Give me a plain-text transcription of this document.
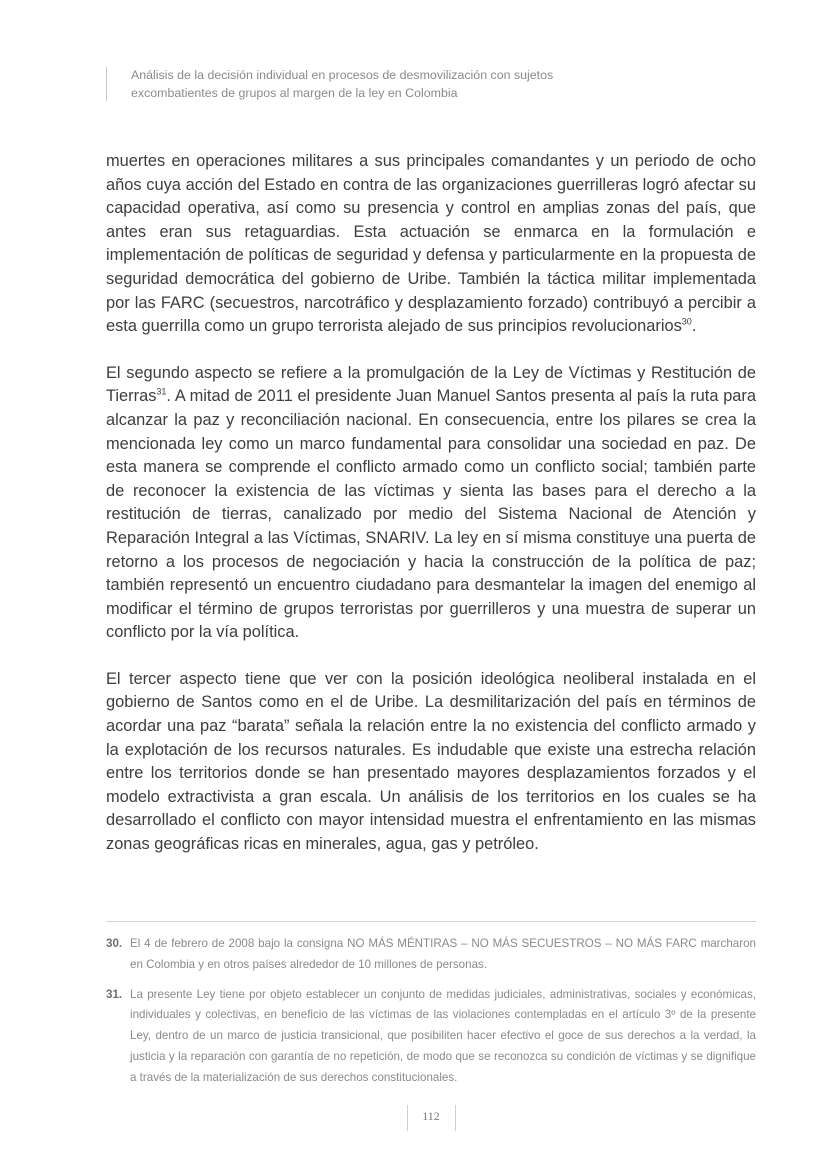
Análisis de la decisión individual en procesos de desmovilización con sujetos
excombatientes de grupos al margen de la ley en Colombia

muertes en operaciones militares a sus principales comandantes y un periodo de ocho años cuya acción del Estado en contra de las organizaciones guerrilleras logró afectar su capacidad operativa, así como su presencia y control en amplias zonas del país, que antes eran sus retaguardias. Esta actuación se enmarca en la formulación e implementación de políticas de seguridad y defensa y particularmente en la propuesta de seguridad democrática del gobierno de Uribe. También la táctica militar implementada por las FARC (secuestros, narcotráfico y desplazamiento forzado) contribuyó a percibir a esta guerrilla como un grupo terrorista alejado de sus principios revolucionarios$^{30}$.

El segundo aspecto se refiere a la promulgación de la Ley de Víctimas y Restitución de Tierras$^{31}$. A mitad de 2011 el presidente Juan Manuel Santos presenta al país la ruta para alcanzar la paz y reconciliación nacional. En consecuencia, entre los pilares se crea la mencionada ley como un marco fundamental para consolidar una sociedad en paz. De esta manera se comprende el conflicto armado como un conflicto social; también parte de reconocer la existencia de las víctimas y sienta las bases para el derecho a la restitución de tierras, canalizado por medio del Sistema Nacional de Atención y Reparación Integral a las Víctimas, SNARIV. La ley en sí misma constituye una puerta de retorno a los procesos de negociación y hacia la construcción de la política de paz; también representó un encuentro ciudadano para desmantelar la imagen del enemigo al modificar el término de grupos terroristas por guerrilleros y una muestra de superar un conflicto por la vía política.

El tercer aspecto tiene que ver con la posición ideológica neoliberal instalada en el gobierno de Santos como en el de Uribe. La desmilitarización del país en términos de acordar una paz “barata” señala la relación entre la no existencia del conflicto armado y la explotación de los recursos naturales. Es indudable que existe una estrecha relación entre los territorios donde se han presentado mayores desplazamientos forzados y el modelo extractivista a gran escala. Un análisis de los territorios en los cuales se ha desarrollado el conflicto con mayor intensidad muestra el enfrentamiento en las mismas zonas geográficas ricas en minerales, agua, gas y petróleo.

30. El 4 de febrero de 2008 bajo la consigna NO MÁS MÉNTIRAS – NO MÁS SECUESTROS – NO MÁS FARC marcharon en Colombia y en otros países alrededor de 10 millones de personas.
31. La presente Ley tiene por objeto establecer un conjunto de medidas judiciales, administrativas, sociales y económicas, individuales y colectivas, en beneficio de las víctimas de las violaciones contempladas en el artículo 3º de la presente Ley, dentro de un marco de justicia transicional, que posibiliten hacer efectivo el goce de sus derechos a la verdad, la justicia y la reparación con garantía de no repetición, de modo que se reconozca su condición de víctimas y se dignifique a través de la materialización de sus derechos constitucionales.
112
